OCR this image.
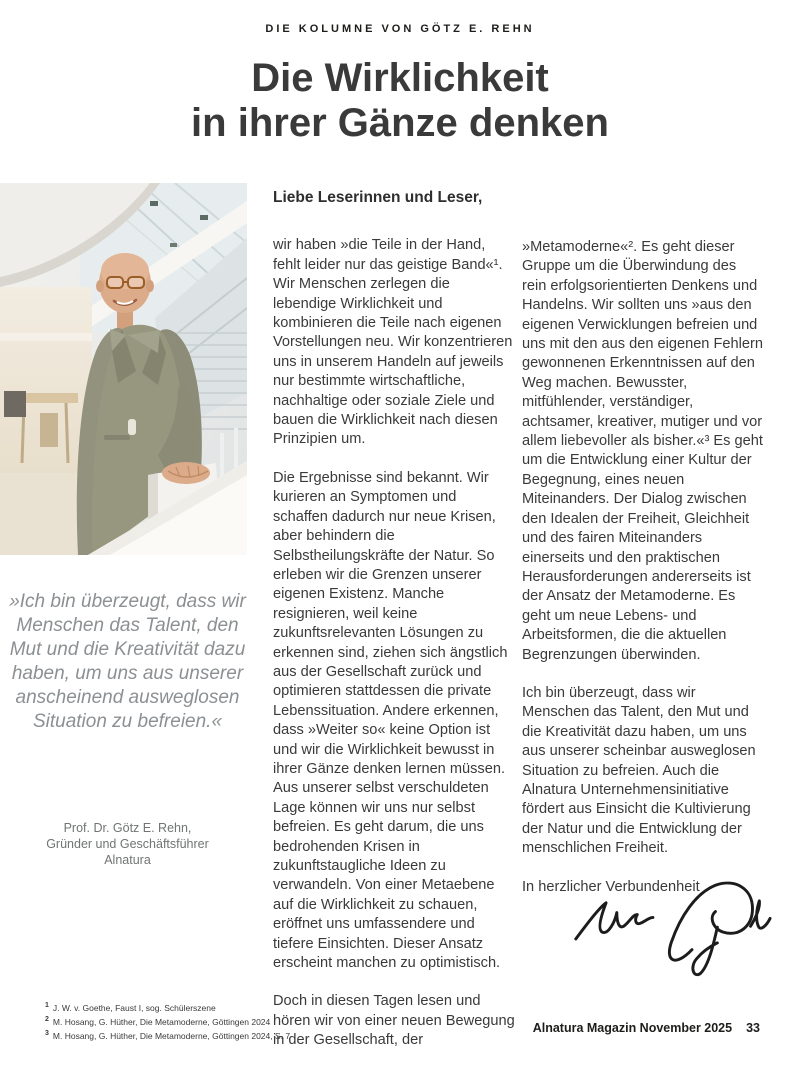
DIE KOLUMNE VON GÖTZ E. REHN
Die Wirklichkeit
in ihrer Gänze denken
»Ich bin überzeugt, dass wir Menschen das Talent, den Mut und die Kreativität dazu haben, um uns aus unserer anscheinend ausweglosen Situation zu befreien.«
Prof. Dr. Götz E. Rehn,
Gründer und Geschäftsführer
Alnatura
Liebe Leserinnen und Leser,

wir haben »die Teile in der Hand, fehlt leider nur das geistige Band«¹. Wir Menschen zerlegen die lebendige Wirklichkeit und kombinieren die Teile nach eigenen Vorstellungen neu. Wir konzentrieren uns in unserem Handeln auf jeweils nur bestimmte wirtschaftliche, nachhaltige oder soziale Ziele und bauen die Wirklichkeit nach diesen Prinzipien um.

Die Ergebnisse sind bekannt. Wir kurieren an Symptomen und schaffen dadurch nur neue Krisen, aber behindern die Selbstheilungskräfte der Natur. So erleben wir die Grenzen unserer eigenen Existenz. Manche resignieren, weil keine zukunftsrelevanten Lösungen zu erkennen sind, ziehen sich ängstlich aus der Gesellschaft zurück und optimieren stattdessen die private Lebenssituation. Andere erkennen, dass »Weiter so« keine Option ist und wir die Wirklichkeit bewusst in ihrer Gänze denken lernen müssen. Aus unserer selbst verschuldeten Lage können wir uns nur selbst befreien. Es geht darum, die uns bedrohenden Krisen in zukunftstaugliche Ideen zu verwandeln. Von einer Metaebene auf die Wirklichkeit zu schauen, eröffnet uns umfassendere und tiefere Einsichten. Dieser Ansatz erscheint manchen zu optimistisch.

Doch in diesen Tagen lesen und hören wir von einer neuen Bewegung in der Gesellschaft, der

»Metamoderne«². Es geht dieser Gruppe um die Überwindung des rein erfolgsorientierten Denkens und Handelns. Wir sollten uns »aus den eigenen Verwicklungen befreien und uns mit den aus den eigenen Fehlern gewonnenen Erkenntnissen auf den Weg machen. Bewusster, mitfühlender, verständiger, achtsamer, kreativer, mutiger und vor allem liebevoller als bisher.«³ Es geht um die Entwicklung einer Kultur der Begegnung, eines neuen Miteinanders. Der Dialog zwischen den Idealen der Freiheit, Gleichheit und des fairen Miteinanders einerseits und den praktischen Herausforderungen andererseits ist der Ansatz der Metamoderne. Es geht um neue Lebens- und Arbeitsformen, die die aktuellen Begrenzungen überwinden.

Ich bin überzeugt, dass wir Menschen das Talent, den Mut und die Kreativität dazu haben, um uns aus unserer scheinbar ausweglosen Situation zu befreien. Auch die Alnatura Unternehmensinitiative fördert aus Einsicht die Kultivierung der Natur und die Entwicklung der menschlichen Freiheit.

In herzlicher Verbundenheit

$^1$ J. W. v. Goethe, Faust I, sog. Schülerszene
$^2$ M. Hosang, G. Hüther, Die Metamoderne, Göttingen 2024
$^3$ M. Hosang, G. Hüther, Die Metamoderne, Göttingen 2024, S. 7
Alnatura Magazin November 2025 33
